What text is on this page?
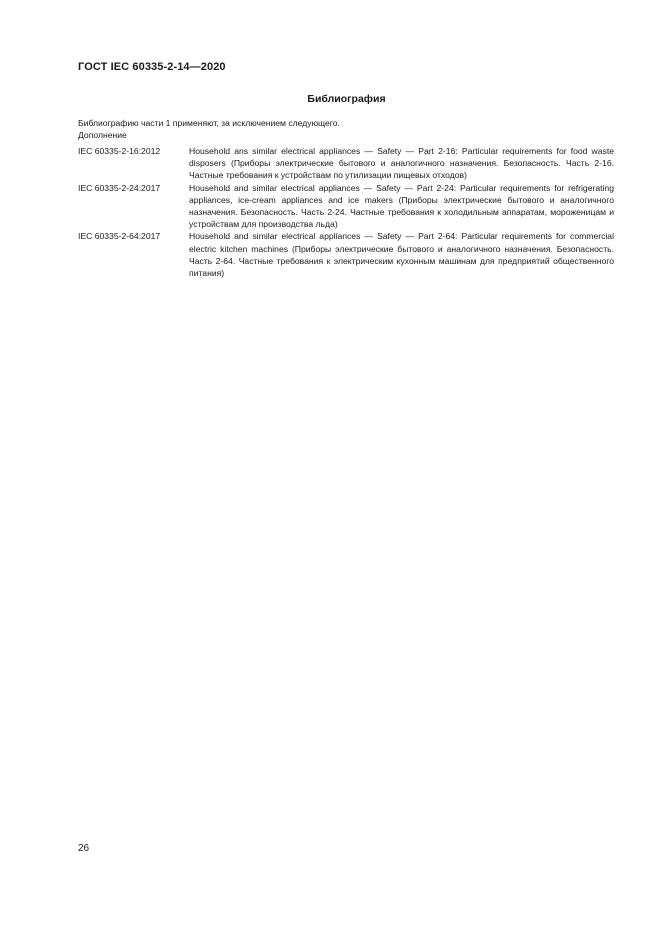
ГОСТ IEC 60335-2-14—2020
Библиография
Библиографию части 1 применяют, за исключением следующего.
Дополнение
IEC 60335-2-16:2012	Household ans similar electrical appliances — Safety — Part 2-16: Particular requirements for food waste disposers (Приборы электрические бытового и аналогичного назначения. Безопасность. Часть 2-16. Частные требования к устройствам по утилизации пищевых отходов)
IEC 60335-2-24:2017	Household and similar electrical appliances — Safety — Part 2-24: Particular requirements for refrigerating appliances, ice-cream appliances and ice makers (Приборы электрические бытового и аналогичного назначения. Безопасность. Часть 2-24. Частные требования к холодильным аппаратам, мороженицам и устройствам для производства льда)
IEC 60335-2-64:2017	Household and similar electrical appliances — Safety — Part 2-64: Particular requirements for commercial electric kitchen machines (Приборы электрические бытового и аналогичного назначения. Безопасность. Часть 2-64. Частные требования к электрическим кухонным машинам для предприятий общественного питания)
26
